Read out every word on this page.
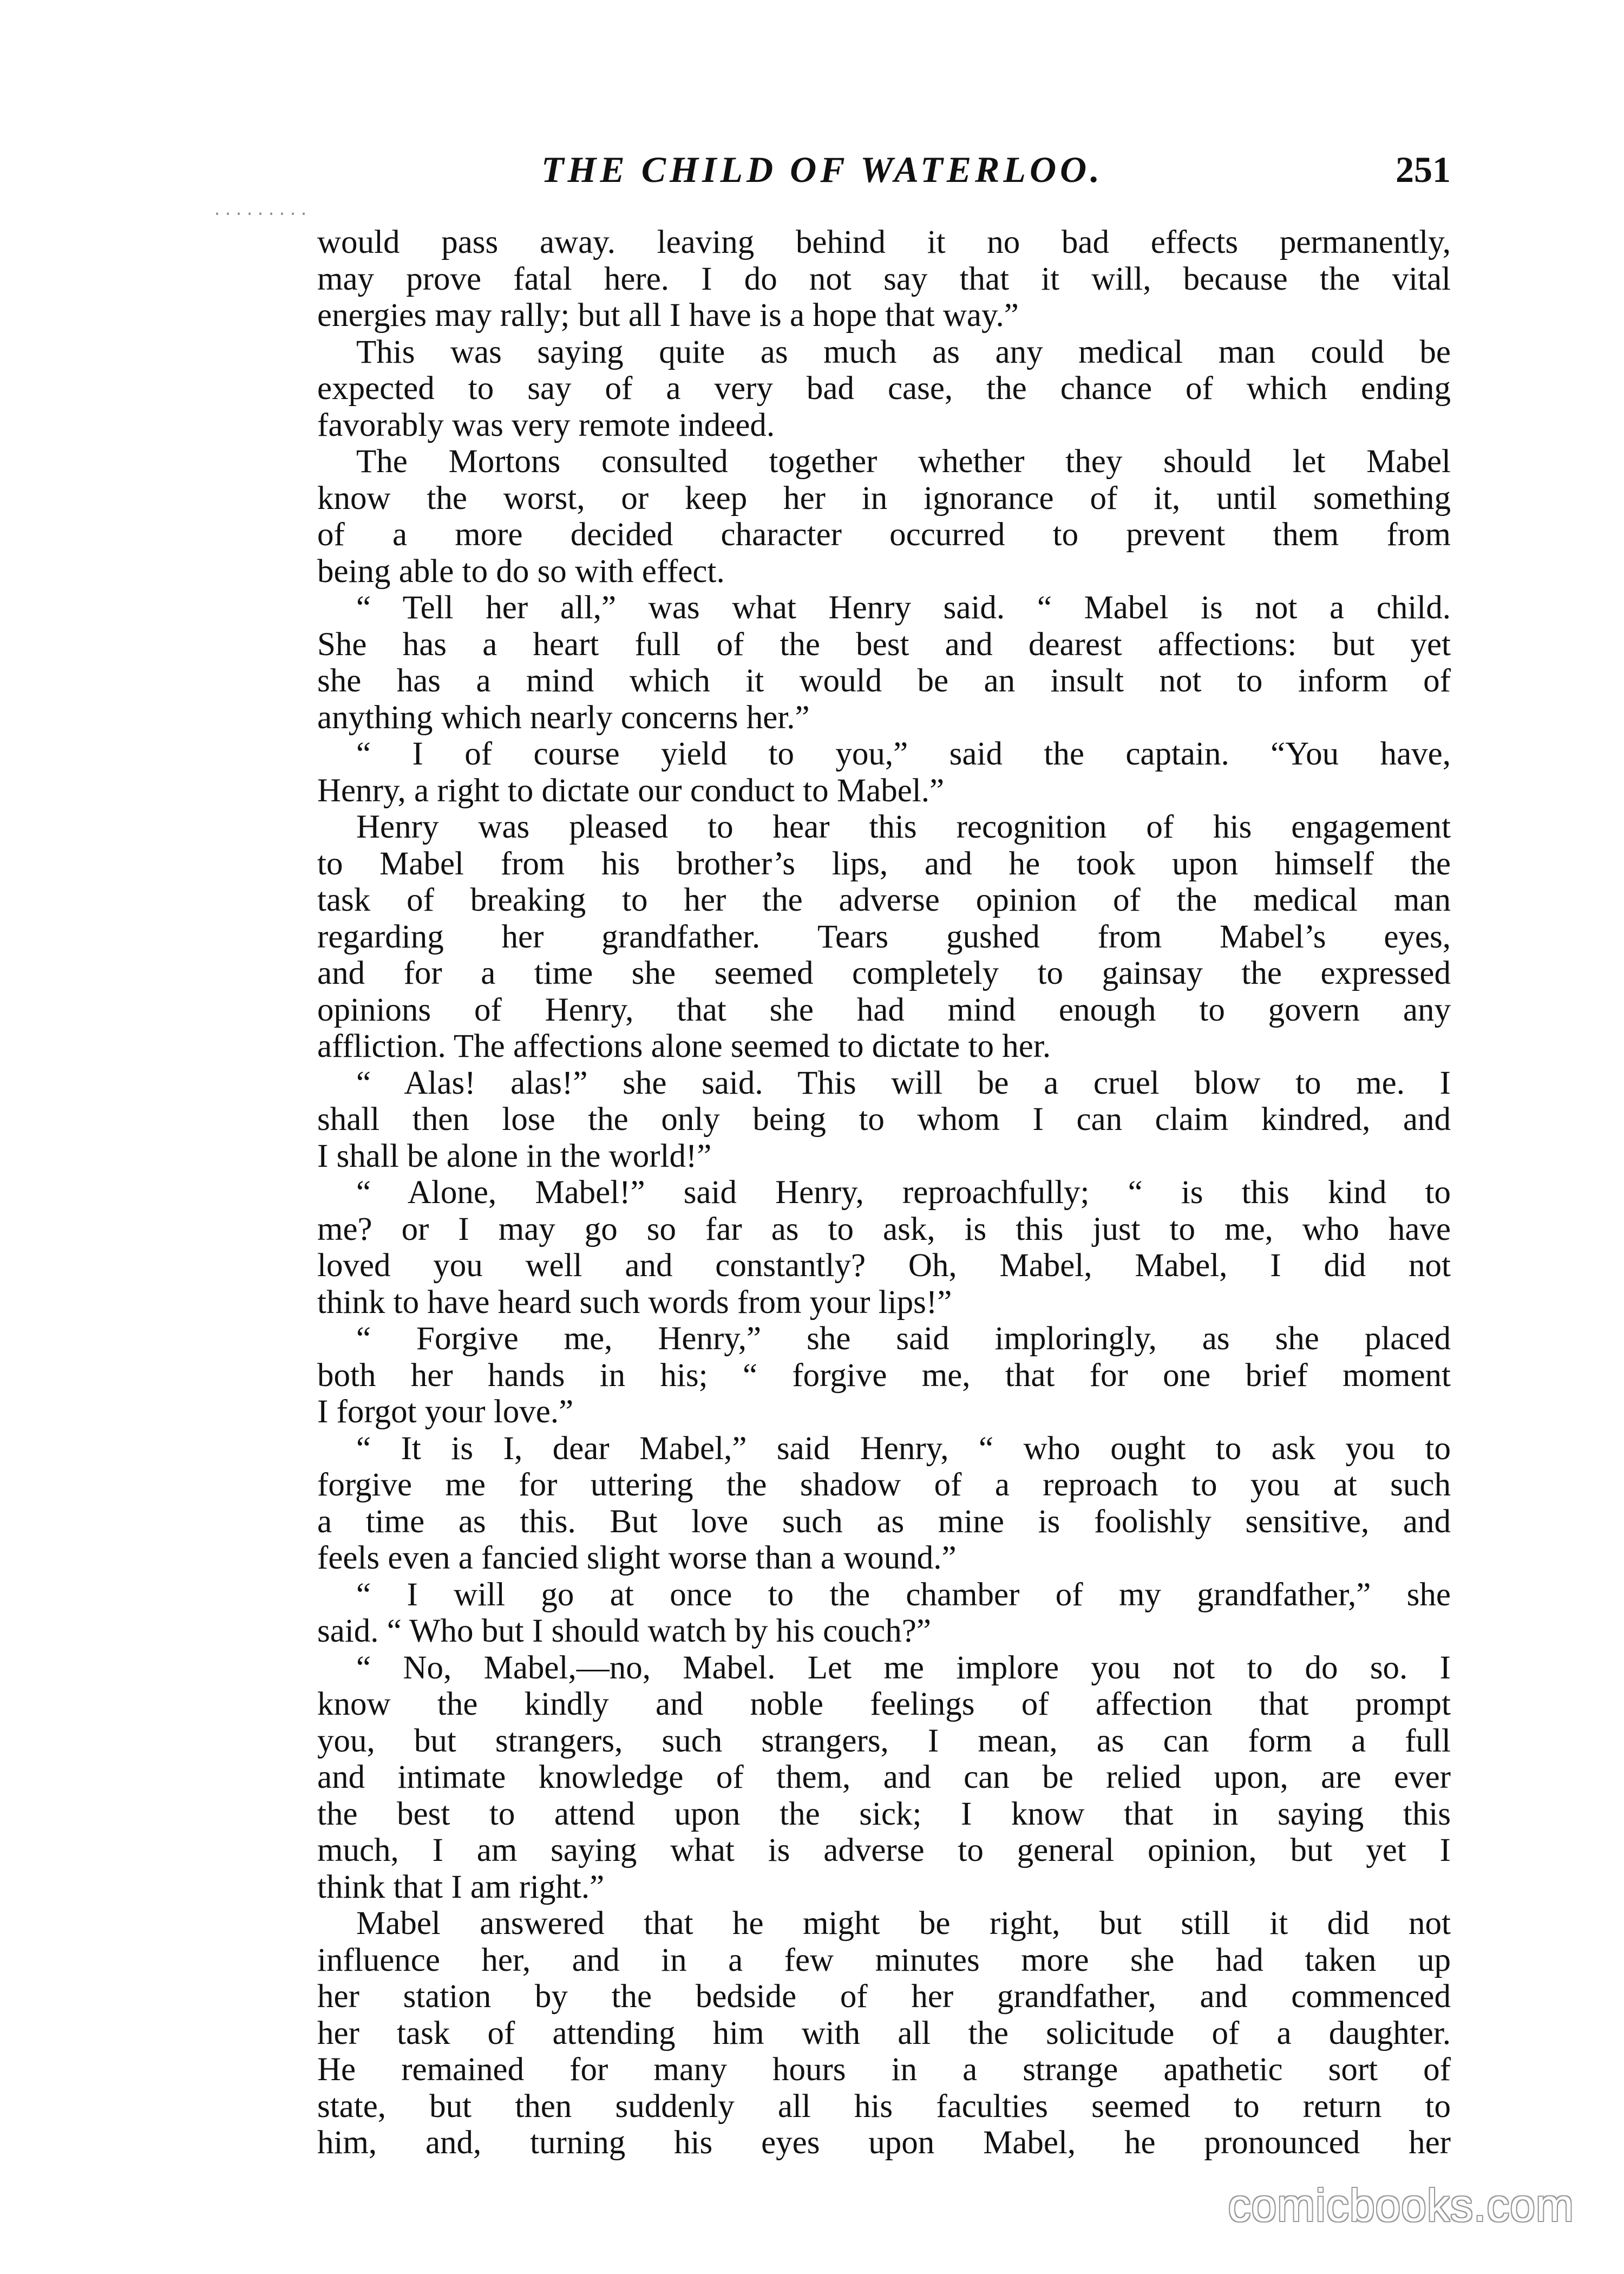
THE CHILD OF WATERLOO.	251
.........
would pass away. leaving behind it no bad effects permanently,
may prove fatal here. I do not say that it will, because the vital
energies may rally; but all I have is a hope that way.”
This was saying quite as much as any medical man could be
expected to say of a very bad case, the chance of which ending
favorably was very remote indeed.
The Mortons consulted together whether they should let Mabel
know the worst, or keep her in ignorance of it, until something
of a more decided character occurred to prevent them from
being able to do so with effect.
“ Tell her all,” was what Henry said. “ Mabel is not a child.
She has a heart full of the best and dearest affections: but yet
she has a mind which it would be an insult not to inform of
anything which nearly concerns her.”
“ I of course yield to you,” said the captain. “You have,
Henry, a right to dictate our conduct to Mabel.”
Henry was pleased to hear this recognition of his engagement
to Mabel from his brother’s lips, and he took upon himself the
task of breaking to her the adverse opinion of the medical man
regarding her grandfather. Tears gushed from Mabel’s eyes,
and for a time she seemed completely to gainsay the expressed
opinions of Henry, that she had mind enough to govern any
affliction. The affections alone seemed to dictate to her.
“ Alas! alas!” she said. This will be a cruel blow to me. I
shall then lose the only being to whom I can claim kindred, and
I shall be alone in the world!”
“ Alone, Mabel!” said Henry, reproachfully; “ is this kind to
me? or I may go so far as to ask, is this just to me, who have
loved you well and constantly? Oh, Mabel, Mabel, I did not
think to have heard such words from your lips!”
“ Forgive me, Henry,” she said imploringly, as she placed
both her hands in his; “ forgive me, that for one brief moment
I forgot your love.”
“ It is I, dear Mabel,” said Henry, “ who ought to ask you to
forgive me for uttering the shadow of a reproach to you at such
a time as this. But love such as mine is foolishly sensitive, and
feels even a fancied slight worse than a wound.”
“ I will go at once to the chamber of my grandfather,” she
said. “ Who but I should watch by his couch?”
“ No, Mabel,—no, Mabel. Let me implore you not to do so. I
know the kindly and noble feelings of affection that prompt
you, but strangers, such strangers, I mean, as can form a full
and intimate knowledge of them, and can be relied upon, are ever
the best to attend upon the sick; I know that in saying this
much, I am saying what is adverse to general opinion, but yet I
think that I am right.”
Mabel answered that he might be right, but still it did not
influence her, and in a few minutes more she had taken up
her station by the bedside of her grandfather, and commenced
her task of attending him with all the solicitude of a daughter.
He remained for many hours in a strange apathetic sort of
state, but then suddenly all his faculties seemed to return to
him, and, turning his eyes upon Mabel, he pronounced her
comicbooks.com
